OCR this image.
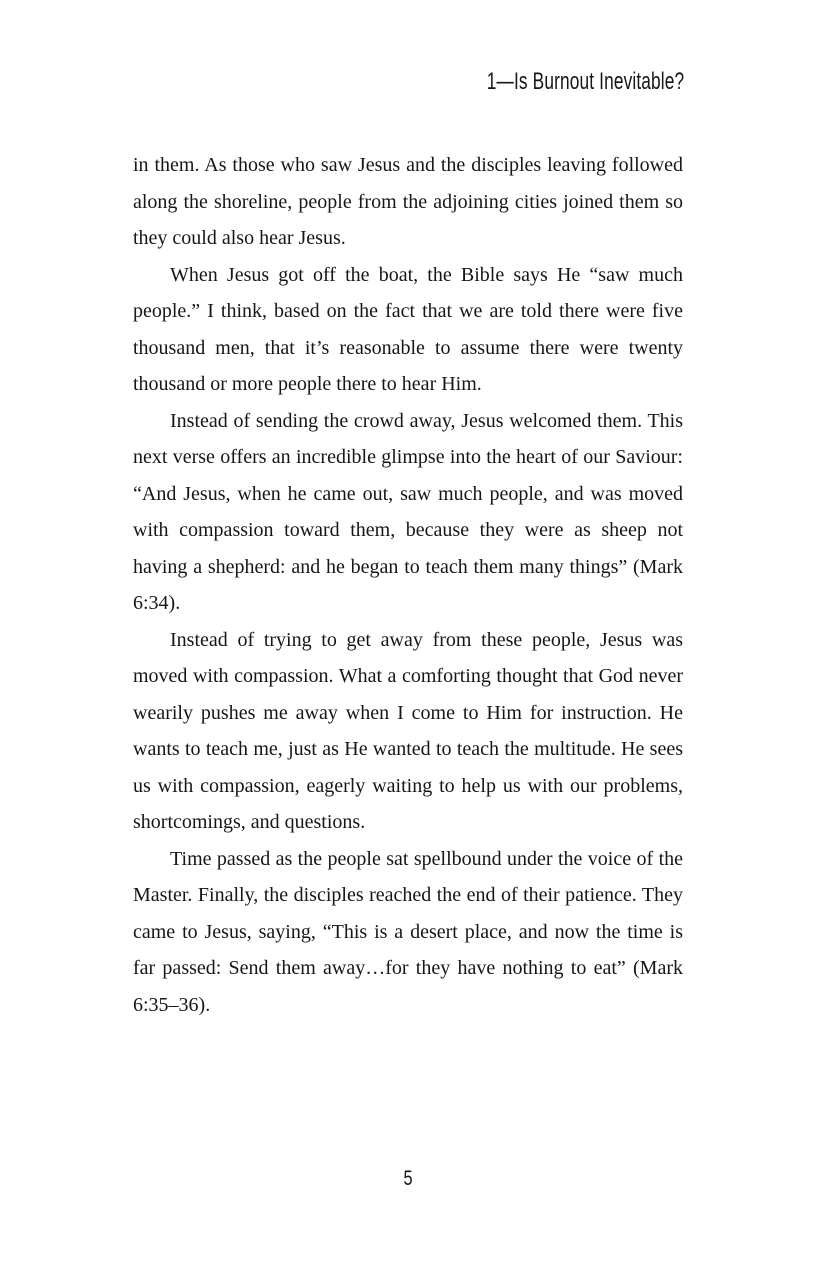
1—Is Burnout Inevitable?

in them. As those who saw Jesus and the disciples leaving followed along the shoreline, people from the adjoining cities joined them so they could also hear Jesus.

When Jesus got off the boat, the Bible says He “saw much people.” I think, based on the fact that we are told there were five thousand men, that it’s reasonable to assume there were twenty thousand or more people there to hear Him.

Instead of sending the crowd away, Jesus welcomed them. This next verse offers an incredible glimpse into the heart of our Saviour: “And Jesus, when he came out, saw much people, and was moved with compassion toward them, because they were as sheep not having a shepherd: and he began to teach them many things” (Mark 6:34).

Instead of trying to get away from these people, Jesus was moved with compassion. What a comforting thought that God never wearily pushes me away when I come to Him for instruction. He wants to teach me, just as He wanted to teach the multitude. He sees us with compassion, eagerly waiting to help us with our problems, shortcomings, and questions.

Time passed as the people sat spellbound under the voice of the Master. Finally, the disciples reached the end of their patience. They came to Jesus, saying, “This is a desert place, and now the time is far passed: Send them away…for they have nothing to eat” (Mark 6:35–36).

5
